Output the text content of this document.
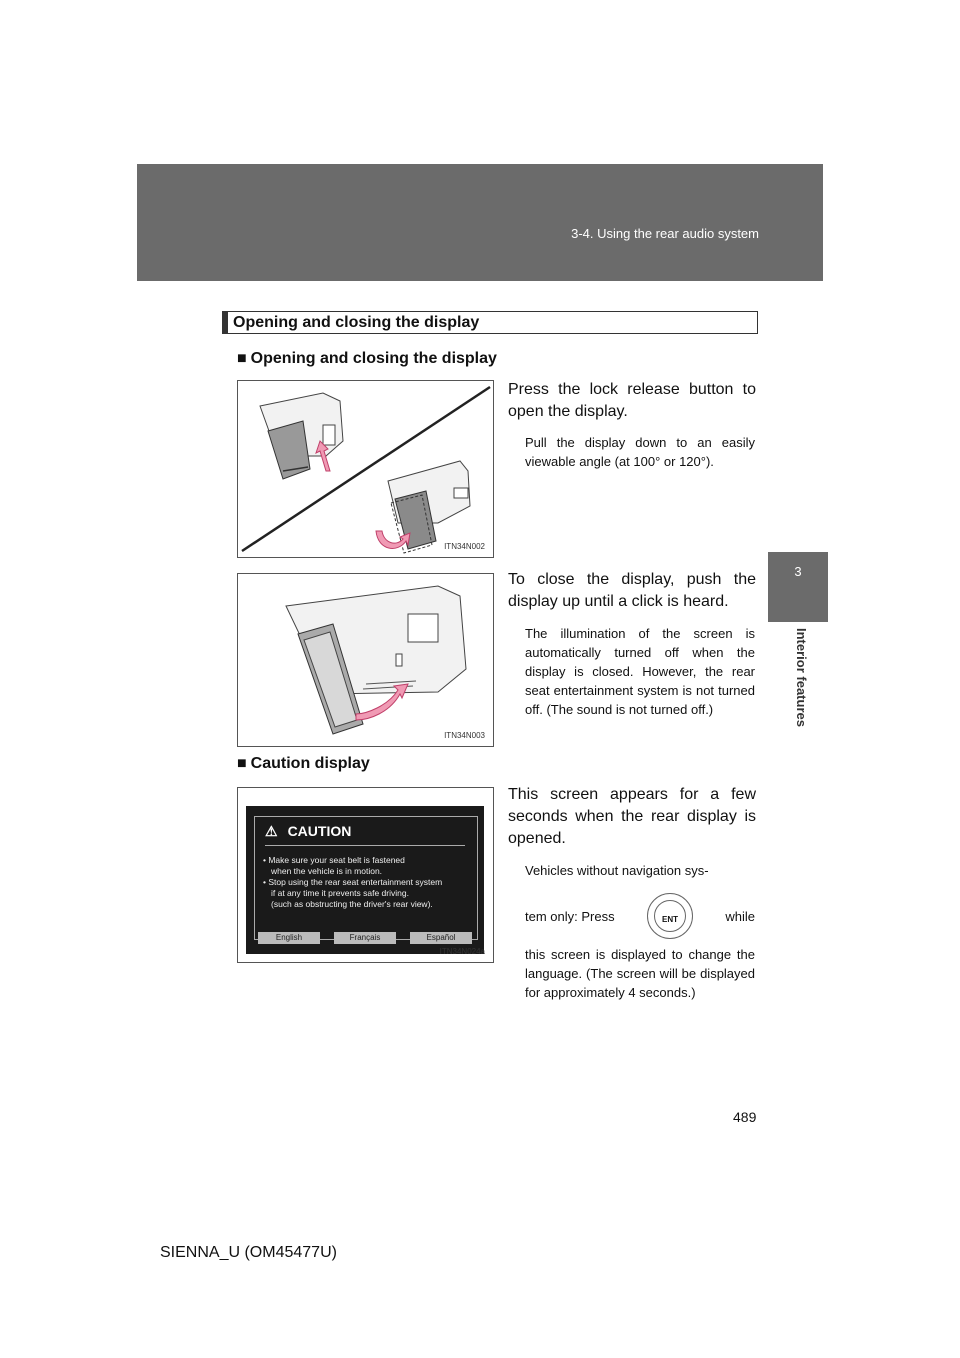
3-4. Using the rear audio system
3
Interior features
Opening and closing the display
■ Opening and closing the display
ITN34N002
Press the lock release button to open the display.
Pull the display down to an easily viewable angle (at 100° or 120°).
ITN34N003
To close the display, push the display up until a click is heard.
The illumination of the screen is automatically turned off when the display is closed. However, the rear seat entertainment system is not turned off. (The sound is not turned off.)
■ Caution display
⚠ CAUTION
• Make sure your seat belt is fastened
when the vehicle is in motion.
• Stop using the rear seat entertainment system
if at any time it prevents safe driving.
(such as obstructing the driver's rear view).
English	Français	Español
ITN34N024a
This screen appears for a few seconds when the rear display is opened.
Vehicles without navigation sys-
tem only: Press	ENT	while
this screen is displayed to change the language. (The screen will be displayed for approximately 4 seconds.)
489
SIENNA_U (OM45477U)
